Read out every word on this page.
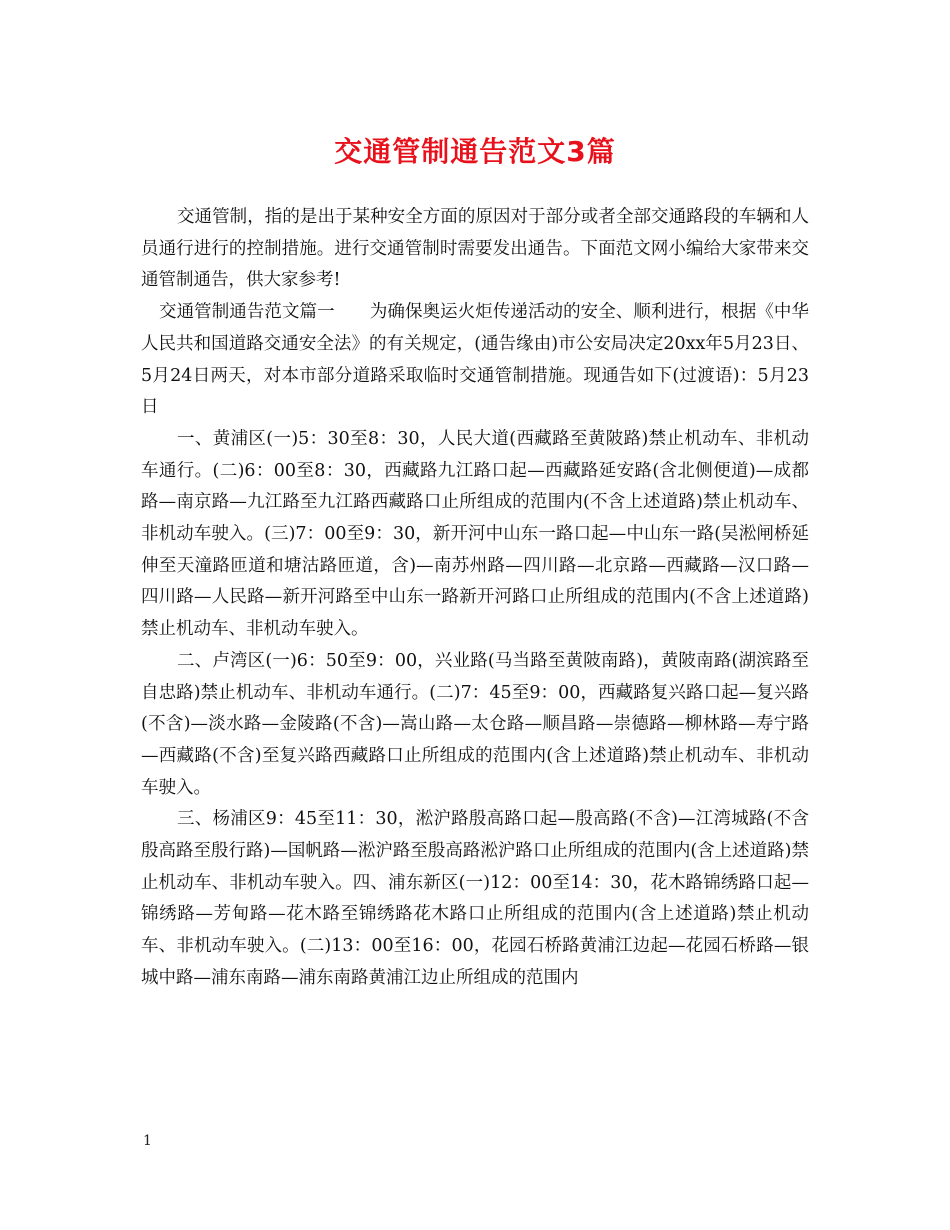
交通管制通告范文3篇

交通管制，指的是出于某种安全方面的原因对于部分或者全部交通路段的车辆和人员通行进行的控制措施。进行交通管制时需要发出通告。下面范文网小编给大家带来交通管制通告，供大家参考!

交通管制通告范文篇一　　为确保奥运火炬传递活动的安全、顺利进行，根据《中华人民共和国道路交通安全法》的有关规定，(通告缘由)市公安局决定20xx年5月23日、5月24日两天，对本市部分道路采取临时交通管制措施。现通告如下(过渡语)：5月23日

一、黄浦区(一)5：30至8：30，人民大道(西藏路至黄陂路)禁止机动车、非机动车通行。(二)6：00至8：30，西藏路九江路口起—西藏路延安路(含北侧便道)—成都路—南京路—九江路至九江路西藏路口止所组成的范围内(不含上述道路)禁止机动车、非机动车驶入。(三)7：00至9：30，新开河中山东一路口起—中山东一路(吴淞闸桥延伸至天潼路匝道和塘沽路匝道，含)—南苏州路—四川路—北京路—西藏路—汉口路—四川路—人民路—新开河路至中山东一路新开河路口止所组成的范围内(不含上述道路)禁止机动车、非机动车驶入。

二、卢湾区(一)6：50至9：00，兴业路(马当路至黄陂南路)，黄陂南路(湖滨路至自忠路)禁止机动车、非机动车通行。(二)7：45至9：00，西藏路复兴路口起—复兴路(不含)—淡水路—金陵路(不含)—嵩山路—太仓路—顺昌路—崇德路—柳林路—寿宁路—西藏路(不含)至复兴路西藏路口止所组成的范围内(含上述道路)禁止机动车、非机动车驶入。

三、杨浦区9：45至11：30，淞沪路殷高路口起—殷高路(不含)—江湾城路(不含殷高路至殷行路)—国帆路—淞沪路至殷高路淞沪路口止所组成的范围内(含上述道路)禁止机动车、非机动车驶入。四、浦东新区(一)12：00至14：30，花木路锦绣路口起—锦绣路—芳甸路—花木路至锦绣路花木路口止所组成的范围内(含上述道路)禁止机动车、非机动车驶入。(二)13：00至16：00，花园石桥路黄浦江边起—花园石桥路—银城中路—浦东南路—浦东南路黄浦江边止所组成的范围内

1
